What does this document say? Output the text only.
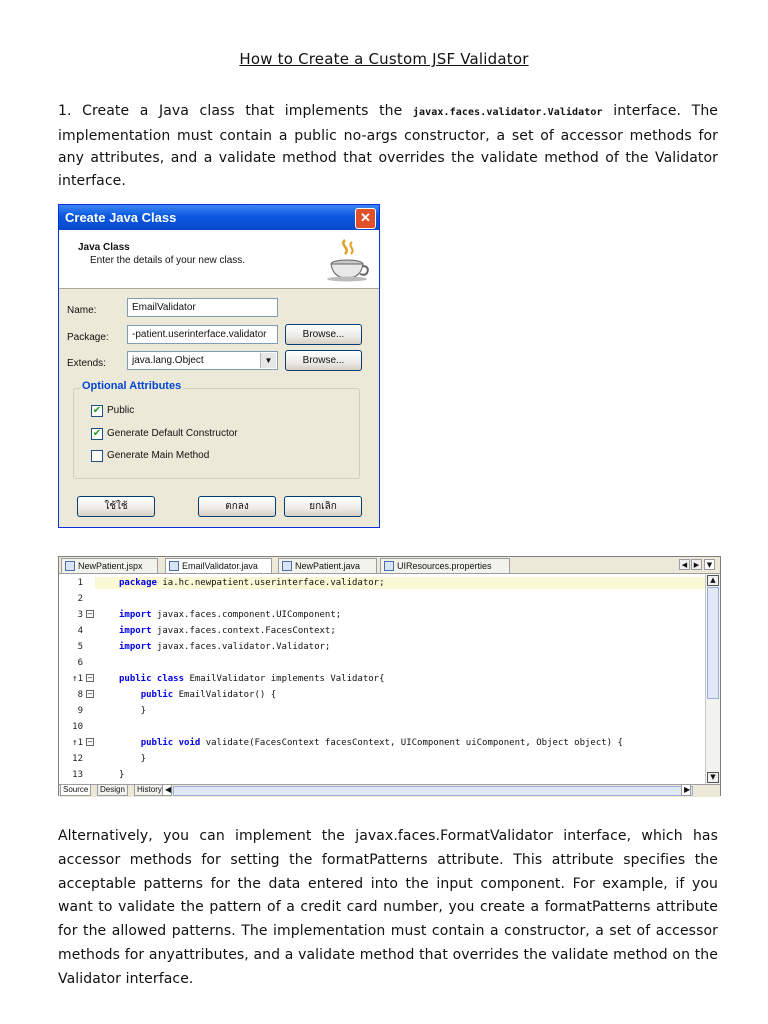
How to Create a Custom JSF Validator
1. Create a Java class that implements the javax.faces.validator.Validator interface. The implementation must contain a public no-args constructor, a set of accessor methods for any attributes, and a validate method that overrides the validate method of the Validator interface.
Create Java Class	✕
Java Class
Enter the details of your new class.
Name:	EmailValidator
Package:	-patient.userinterface.validator	Browse...
Extends:	java.lang.Object	▼	Browse...
Optional Attributes
✔ Public
✔ Generate Default Constructor
Generate Main Method
ใช้ใช้	ตกลง	ยกเลิก
NewPatient.jspx	EmailValidator.java	NewPatient.java	UIResources.properties	◀ ▶	▼
1
2
3
4
5
6
↑1
8
9
10
↑1
12
13
−
−
−
−
package ia.hc.newpatient.userinterface.validator;
import javax.faces.component.UIComponent;
import javax.faces.context.FacesContext;
import javax.faces.validator.Validator;
public class EmailValidator implements Validator{
public EmailValidator() {
}
public void validate(FacesContext facesContext, UIComponent uiComponent, Object object) {
}
}
▲
▼
Source	Design	History ◀	▶
Alternatively, you can implement the javax.faces.FormatValidator interface, which has accessor methods for setting the formatPatterns attribute. This attribute specifies the acceptable patterns for the data entered into the input component. For example, if you want to validate the pattern of a credit card number, you create a formatPatterns attribute for the allowed patterns. The implementation must contain a constructor, a set of accessor methods for anyattributes, and a validate method that overrides the validate method on the Validator interface.
